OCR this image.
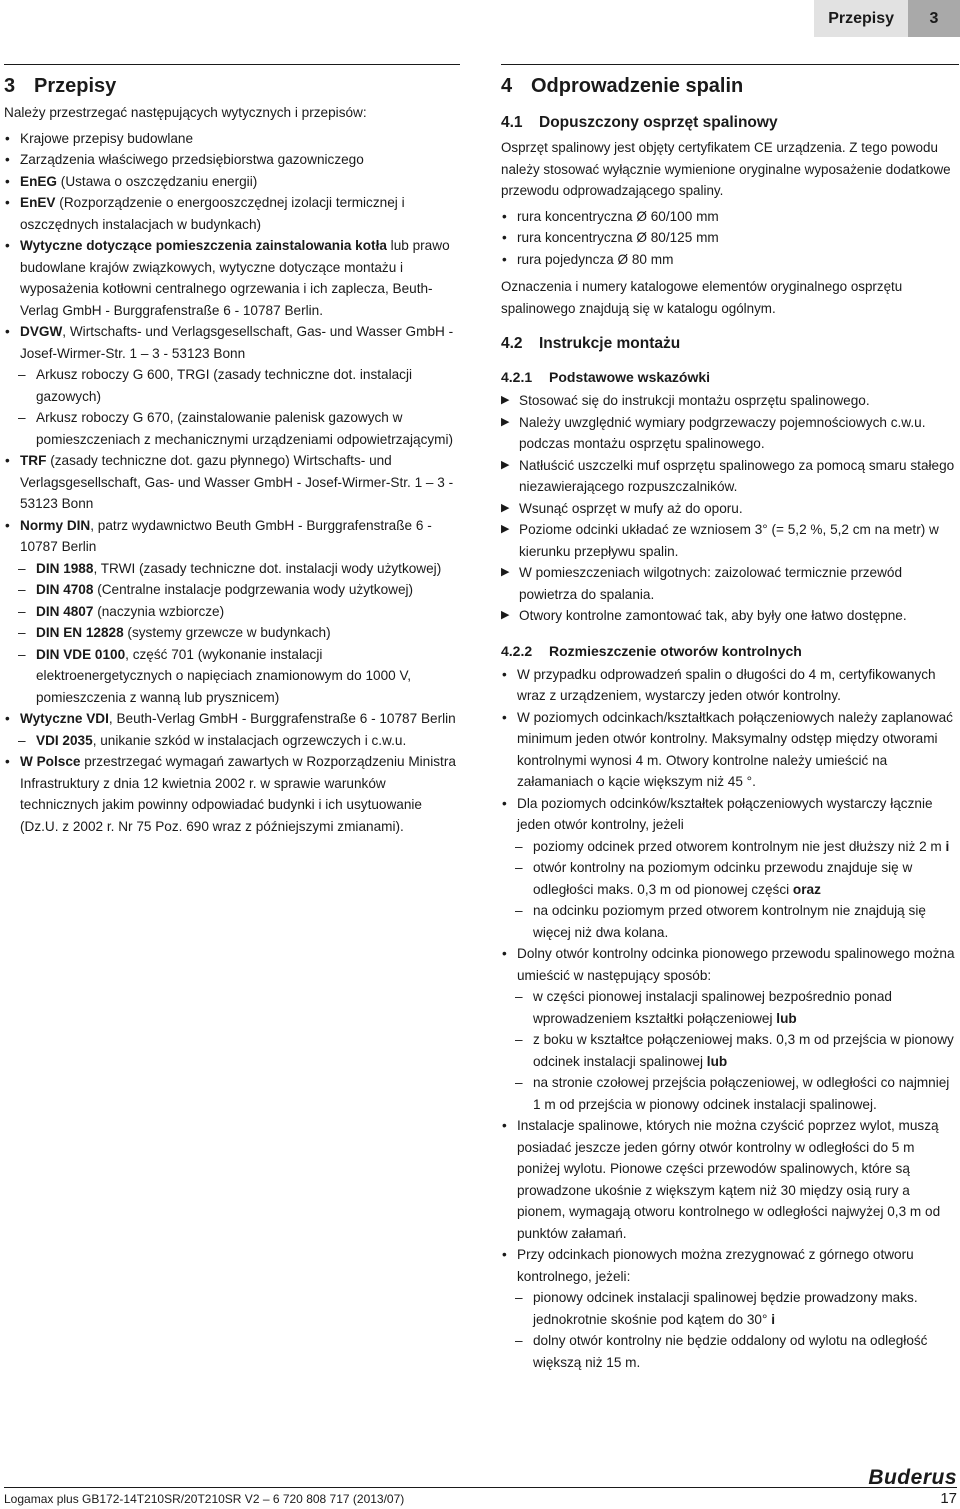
Przepisy	3
3 Przepisy

Należy przestrzegać następujących wytycznych i przepisów:

• Krajowe przepisy budowlane
• Zarządzenia właściwego przedsiębiorstwa gazowniczego
• EnEG (Ustawa o oszczędzaniu energii)
• EnEV (Rozporządzenie o energooszczędnej izolacji termicznej i oszczędnych instalacjach w budynkach)
• Wytyczne dotyczące pomieszczenia zainstalowania kotła lub prawo budowlane krajów związkowych, wytyczne dotyczące montażu i wyposażenia kotłowni centralnego ogrzewania i ich zaplecza, Beuth-Verlag GmbH - Burggrafenstraße 6 - 10787 Berlin.
• DVGW, Wirtschafts- und Verlagsgesellschaft, Gas- und Wasser GmbH - Josef-Wirmer-Str. 1 – 3 - 53123 Bonn
– Arkusz roboczy G 600, TRGI (zasady techniczne dot. instalacji gazowych)
– Arkusz roboczy G 670, (zainstalowanie palenisk gazowych w pomieszczeniach z mechanicznymi urządzeniami odpowietrzającymi)
• TRF (zasady techniczne dot. gazu płynnego) Wirtschafts- und Verlagsgesellschaft, Gas- und Wasser GmbH - Josef-Wirmer-Str. 1 – 3 - 53123 Bonn
• Normy DIN, patrz wydawnictwo Beuth GmbH - Burggrafenstraße 6 - 10787 Berlin
– DIN 1988, TRWI (zasady techniczne dot. instalacji wody użytkowej)
– DIN 4708 (Centralne instalacje podgrzewania wody użytkowej)
– DIN 4807 (naczynia wzbiorcze)
– DIN EN 12828 (systemy grzewcze w budynkach)
– DIN VDE 0100, część 701 (wykonanie instalacji elektroenergetycznych o napięciach znamionowym do 1000 V, pomieszczenia z wanną lub prysznicem)
• Wytyczne VDI, Beuth-Verlag GmbH - Burggrafenstraße 6 - 10787 Berlin
– VDI 2035, unikanie szkód w instalacjach ogrzewczych i c.w.u.
• W Polsce przestrzegać wymagań zawartych w Rozporządzeniu Ministra Infrastruktury z dnia 12 kwietnia 2002 r. w sprawie warunków technicznych jakim powinny odpowiadać budynki i ich usytuowanie (Dz.U. z 2002 r. Nr 75 Poz. 690 wraz z późniejszymi zmianami).
4 Odprowadzenie spalin
4.1 Dopuszczony osprzęt spalinowy

Osprzęt spalinowy jest objęty certyfikatem CE urządzenia. Z tego powodu należy stosować wyłącznie wymienione oryginalne wyposażenie dodatkowe przewodu odprowadzającego spaliny.

• rura koncentryczna Ø 60/100 mm
• rura koncentryczna Ø 80/125 mm
• rura pojedyncza Ø 80 mm

Oznaczenia i numery katalogowe elementów oryginalnego osprzętu spalinowego znajdują się w katalogu ogólnym.

4.2 Instrukcje montażu
4.2.1 Podstawowe wskazówki
▶ Stosować się do instrukcji montażu osprzętu spalinowego.
▶ Należy uwzględnić wymiary podgrzewaczy pojemnościowych c.w.u. podczas montażu osprzętu spalinowego.
▶ Natłuścić uszczelki muf osprzętu spalinowego za pomocą smaru stałego niezawierającego rozpuszczalników.
▶ Wsunąć osprzęt w mufy aż do oporu.
▶ Poziome odcinki układać ze wzniosem 3° (= 5,2 %, 5,2 cm na metr) w kierunku przepływu spalin.
▶ W pomieszczeniach wilgotnych: zaizolować termicznie przewód powietrza do spalania.
▶ Otwory kontrolne zamontować tak, aby były one łatwo dostępne.
4.2.2 Rozmieszczenie otworów kontrolnych
• W przypadku odprowadzeń spalin o długości do 4 m, certyfikowanych wraz z urządzeniem, wystarczy jeden otwór kontrolny.
• W poziomych odcinkach/kształtkach połączeniowych należy zaplanować minimum jeden otwór kontrolny. Maksymalny odstęp między otworami kontrolnymi wynosi 4 m. Otwory kontrolne należy umieścić na załamaniach o kącie większym niż 45 °.
• Dla poziomych odcinków/kształtek połączeniowych wystarczy łącznie jeden otwór kontrolny, jeżeli
– poziomy odcinek przed otworem kontrolnym nie jest dłuższy niż 2 m i
– otwór kontrolny na poziomym odcinku przewodu znajduje się w odległości maks. 0,3 m od pionowej części oraz
– na odcinku poziomym przed otworem kontrolnym nie znajdują się więcej niż dwa kolana.
• Dolny otwór kontrolny odcinka pionowego przewodu spalinowego można umieścić w następujący sposób:
– w części pionowej instalacji spalinowej bezpośrednio ponad wprowadzeniem kształtki połączeniowej lub
– z boku w kształtce połączeniowej maks. 0,3 m od przejścia w pionowy odcinek instalacji spalinowej lub
– na stronie czołowej przejścia połączeniowej, w odległości co najmniej 1 m od przejścia w pionowy odcinek instalacji spalinowej.
• Instalacje spalinowe, których nie można czyścić poprzez wylot, muszą posiadać jeszcze jeden górny otwór kontrolny w odległości do 5 m poniżej wylotu. Pionowe części przewodów spalinowych, które są prowadzone ukośnie z większym kątem niż 30 między osią rury a pionem, wymagają otworu kontrolnego w odległości najwyżej 0,3 m od punktów załamań.
• Przy odcinkach pionowych można zrezygnować z górnego otworu kontrolnego, jeżeli:
– pionowy odcinek instalacji spalinowej będzie prowadzony maks. jednokrotnie skośnie pod kątem do 30° i
– dolny otwór kontrolny nie będzie oddalony od wylotu na odległość większą niż 15 m.
Logamax plus GB172-14T210SR/20T210SR V2 – 6 720 808 717 (2013/07)
Buderus
17
